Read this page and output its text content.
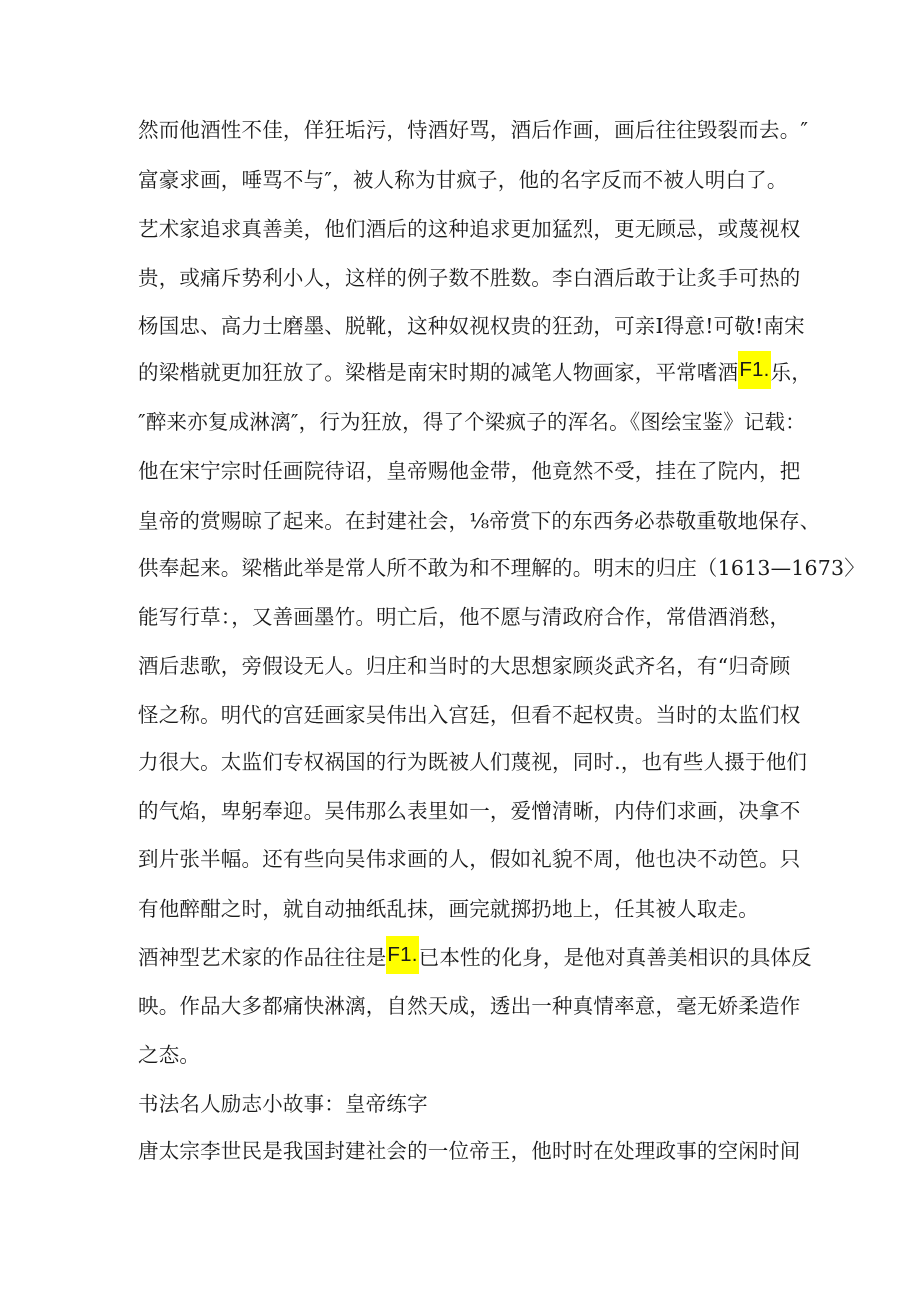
然而他酒性不佳，佯狂垢污，恃酒好骂，酒后作画，画后往往毁裂而去。″
富豪求画，唾骂不与″，被人称为甘疯子，他的名字反而不被人明白了。
艺术家追求真善美，他们酒后的这种追求更加猛烈，更无顾忌，或蔑视权
贵，或痛斥势利小人，这样的例子数不胜数。李白酒后敢于让炙手可热的
杨国忠、高力士磨墨、脱靴，这种奴视权贵的狂劲，可亲I得意!可敬!南宋
的梁楷就更加狂放了。梁楷是南宋时期的减笔人物画家，平常嗜酒F1.乐，
″醉来亦复成淋漓″，行为狂放，得了个梁疯子的浑名。《图绘宝鉴》记载：
他在宋宁宗时任画院待诏，皇帝赐他金带，他竟然不受，挂在了院内，把
皇帝的赏赐晾了起来。在封建社会，⅛帝赏下的东西务必恭敬重敬地保存、
供奉起来。梁楷此举是常人所不敢为和不理解的。明末的归庄（1613—1673〉
能写行草：，又善画墨竹。明亡后，他不愿与清政府合作，常借酒消愁，
酒后悲歌，旁假设无人。归庄和当时的大思想家顾炎武齐名，有“归奇顾
怪之称。明代的宫廷画家吴伟出入宫廷，但看不起权贵。当时的太监们权
力很大。太监们专权祸国的行为既被人们蔑视，同时.，也有些人摄于他们
的气焰，卑躬奉迎。吴伟那么表里如一，爱憎清晰，内侍们求画，决拿不
到片张半幅。还有些向吴伟求画的人，假如礼貌不周，他也决不动笆。只
有他醉酣之时，就自动抽纸乱抹，画完就掷扔地上，任其被人取走。
酒神型艺术家的作品往往是F1.已本性的化身，是他对真善美相识的具体反
映。作品大多都痛快淋漓，自然天成，透出一种真情率意，毫无娇柔造作
之态。
书法名人励志小故事：皇帝练字
唐太宗李世民是我国封建社会的一位帝王，他时时在处理政事的空闲时间
